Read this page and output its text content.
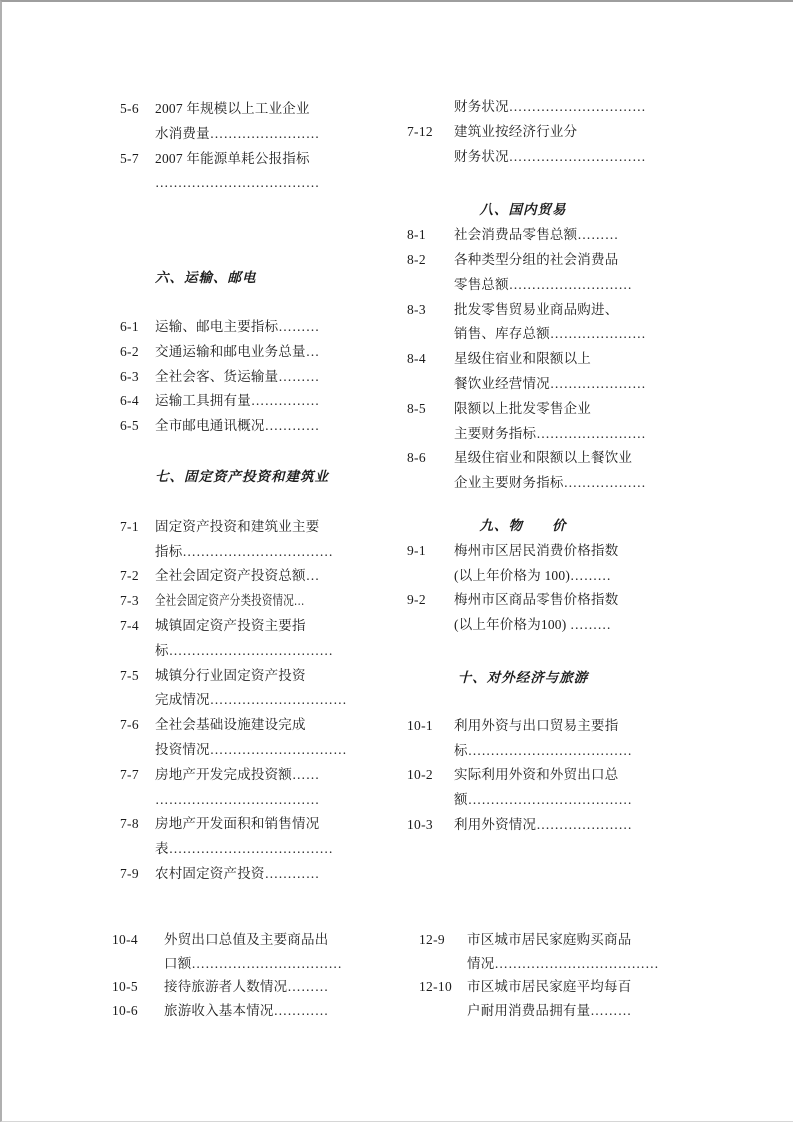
5-6	2007 年规模以上工业企业
水消费量……………………
5-7	2007 年能源单耗公报指标
………………………………
六、运输、邮电
6-1	运输、邮电主要指标………
6-2	交通运输和邮电业务总量…
6-3	全社会客、货运输量………
6-4	运输工具拥有量……………
6-5	全市邮电通讯概况…………
七、固定资产投资和建筑业
7-1	固定资产投资和建筑业主要
指标……………………………
7-2	全社会固定资产投资总额…
7-3	全社会固定资产分类投资情况…
7-4	城镇固定资产投资主要指
标………………………………
7-5	城镇分行业固定资产投资
完成情况…………………………
7-6	全社会基础设施建设完成
投资情况…………………………
7-7	房地产开发完成投资额……
………………………………
7-8	房地产开发面积和销售情况
表………………………………
7-9	农村固定资产投资…………
财务状况…………………………
7-12	建筑业按经济行业分
财务状况…………………………
八、国内贸易
8-1	社会消费品零售总额………
8-2	各种类型分组的社会消费品
零售总额………………………
8-3	批发零售贸易业商品购进、
销售、库存总额…………………
8-4	星级住宿业和限额以上
餐饮业经营情况…………………
8-5	限额以上批发零售企业
主要财务指标……………………
8-6	星级住宿业和限额以上餐饮业
企业主要财务指标………………
九、物　　价
9-1	梅州市区居民消费价格指数
(以上年价格为 100)………
9-2	梅州市区商品零售价格指数
(以上年价格为100) ………
十、对外经济与旅游
10-1	利用外资与出口贸易主要指
标………………………………
10-2	实际利用外资和外贸出口总
额………………………………
10-3	利用外资情况…………………
10-4	外贸出口总值及主要商品出
口额……………………………
10-5	接待旅游者人数情况………
10-6	旅游收入基本情况…………
12-9	市区城市居民家庭购买商品
情况………………………………
12-10	市区城市居民家庭平均每百
户耐用消费品拥有量………
